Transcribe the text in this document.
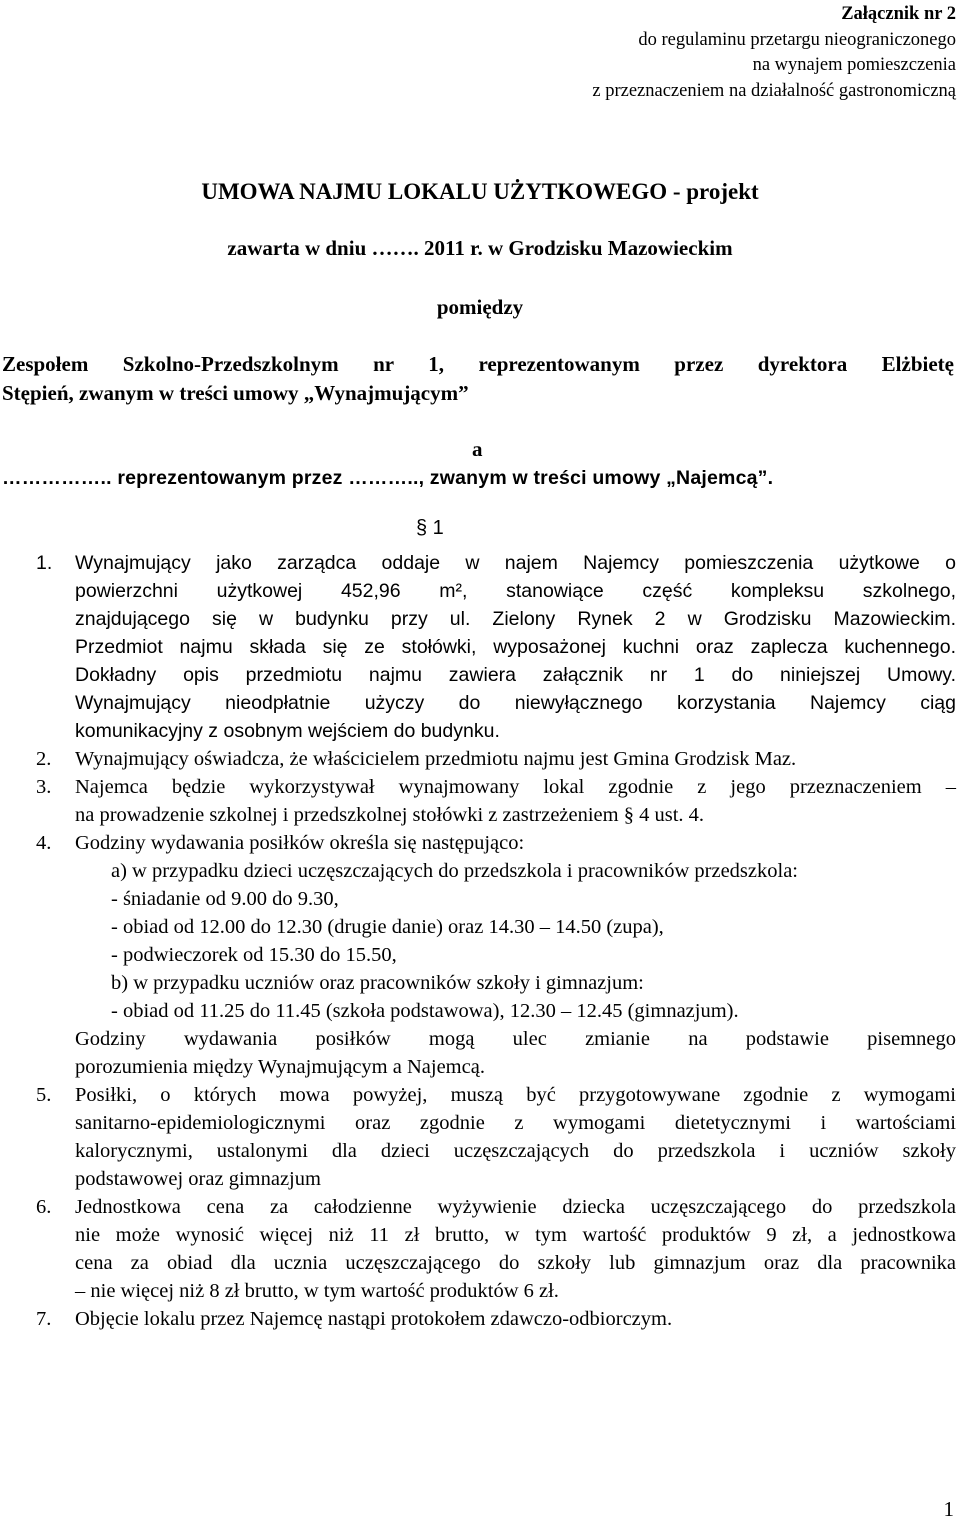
Załącznik nr 2
do regulaminu przetargu nieograniczonego
na wynajem pomieszczenia
z przeznaczeniem na działalność gastronomiczną
UMOWA NAJMU LOKALU UŻYTKOWEGO - projekt
zawarta w dniu ……. 2011 r. w Grodzisku Mazowieckim
pomiędzy
Zespołem Szkolno-Przedszkolnym nr 1, reprezentowanym przez dyrektora Elżbietę
Stępień, zwanym w treści umowy „Wynajmującym”
a
…………….. reprezentowanym przez ……….., zwanym w treści umowy „Najemcą”.
§ 1
1. Wynajmujący jako zarządca oddaje w najem Najemcy pomieszczenia użytkowe o
powierzchni użytkowej 452,96 m², stanowiące część kompleksu szkolnego,
znajdującego się w budynku przy ul. Zielony Rynek 2 w Grodzisku Mazowieckim.
Przedmiot najmu składa się ze stołówki, wyposażonej kuchni oraz zaplecza kuchennego.
Dokładny opis przedmiotu najmu zawiera załącznik nr 1 do niniejszej Umowy.
Wynajmujący nieodpłatnie użyczy do niewyłącznego korzystania Najemcy ciąg
komunikacyjny z osobnym wejściem do budynku.
2. Wynajmujący oświadcza, że właścicielem przedmiotu najmu jest Gmina Grodzisk Maz.
3. Najemca będzie wykorzystywał wynajmowany lokal zgodnie z jego przeznaczeniem –
na prowadzenie szkolnej i przedszkolnej stołówki z zastrzeżeniem § 4 ust. 4.
4. Godziny wydawania posiłków określa się następująco:
a) w przypadku dzieci uczęszczających do przedszkola i pracowników przedszkola:
- śniadanie od 9.00 do 9.30,
- obiad od 12.00 do 12.30 (drugie danie) oraz 14.30 – 14.50 (zupa),
- podwieczorek od 15.30 do 15.50,
b) w przypadku uczniów oraz pracowników szkoły i gimnazjum:
- obiad od 11.25 do 11.45 (szkoła podstawowa), 12.30 – 12.45 (gimnazjum).
Godziny wydawania posiłków mogą ulec zmianie na podstawie pisemnego
porozumienia między Wynajmującym a Najemcą.
5. Posiłki, o których mowa powyżej, muszą być przygotowywane zgodnie z wymogami
sanitarno-epidemiologicznymi oraz zgodnie z wymogami dietetycznymi i wartościami
kalorycznymi, ustalonymi dla dzieci uczęszczających do przedszkola i uczniów szkoły
podstawowej oraz gimnazjum
6. Jednostkowa cena za całodzienne wyżywienie dziecka uczęszczającego do przedszkola
nie może wynosić więcej niż 11 zł brutto, w tym wartość produktów 9 zł, a jednostkowa
cena za obiad dla ucznia uczęszczającego do szkoły lub gimnazjum oraz dla pracownika
– nie więcej niż 8 zł brutto, w tym wartość produktów 6 zł.
7. Objęcie lokalu przez Najemcę nastąpi protokołem zdawczo-odbiorczym.
1
